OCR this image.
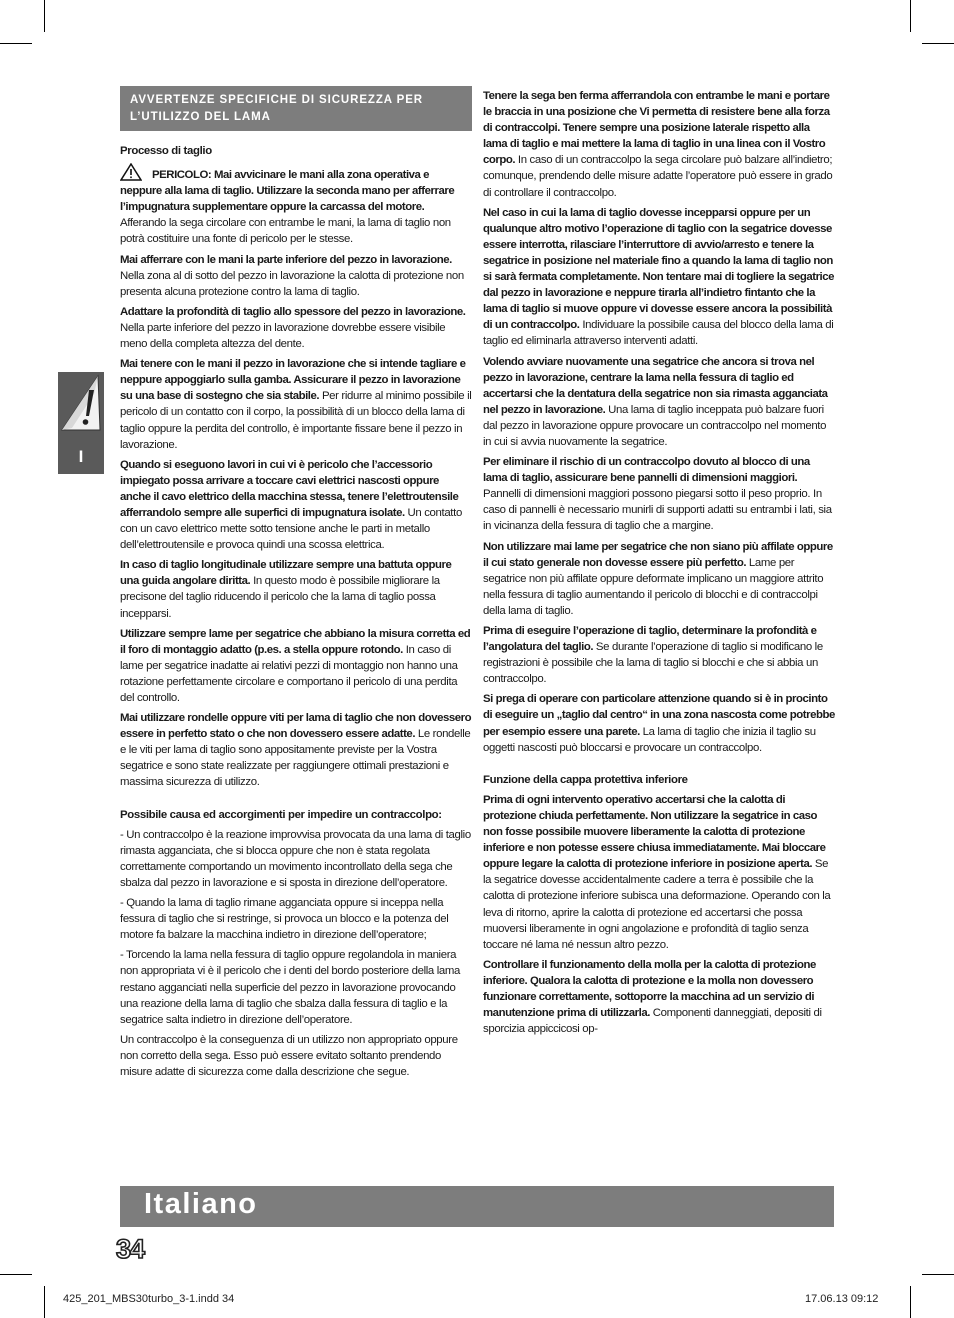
I
AVVERTENZE SPECIFICHE DI SICUREZZA PER L’UTILIZZO DEL LAMA

Processo di taglio

PERICOLO: Mai avvicinare le mani alla zona operativa e neppure alla lama di taglio. Utilizzare la seconda mano per afferrare l’impugnatura supplementare oppure la carcassa del motore. Afferando la sega circolare con entrambe le mani, la lama di taglio non potrà costituire una fonte di pericolo per le stesse.

Mai afferrare con le mani la parte inferiore del pezzo in lavorazione. Nella zona al di sotto del pezzo in lavorazione la calotta di protezione non presenta alcuna protezione contro la lama di taglio.

Adattare la profondità di taglio allo spessore del pezzo in lavorazione. Nella parte inferiore del pezzo in lavorazione dovrebbe essere visibile meno della completa altezza del dente.

Mai tenere con le mani il pezzo in lavorazione che si intende tagliare e neppure appoggiarlo sulla gamba. Assicurare il pezzo in lavorazione su una base di sostegno che sia stabile. Per ridurre al minimo possibile il pericolo di un contatto con il corpo, la possibilità di un blocco della lama di taglio oppure la perdita del controllo, è importante fissare bene il pezzo in lavorazione.

Quando si eseguono lavori in cui vi è pericolo che l’accessorio impiegato possa arrivare a toccare cavi elettrici nascosti oppure anche il cavo elettrico della macchina stessa, tenere l’elettroutensile afferrandolo sempre alle superfici di impugnatura isolate. Un contatto con un cavo elettrico mette sotto tensione anche le parti in metallo dell’elettroutensile e provoca quindi una scossa elettrica.

In caso di taglio longitudinale utilizzare sempre una battuta oppure una guida angolare diritta. In questo modo è possibile migliorare la precisone del taglio riducendo il pericolo che la lama di taglio possa incepparsi.

Utilizzare sempre lame per segatrice che abbiano la misura corretta ed il foro di montaggio adatto (p.es. a stella oppure rotondo. In caso di lame per segatrice inadatte ai relativi pezzi di montaggio non hanno una rotazione perfettamente circolare e comportano il pericolo di una perdita del controllo.

Mai utilizzare rondelle oppure viti per lama di taglio che non dovessero essere in perfetto stato o che non dovessero essere adatte. Le rondelle e le viti per lama di taglio sono appositamente previste per la Vostra segatrice e sono state realizzate per raggiungere ottimali prestazioni e massima sicurezza di utilizzo.

Possibile causa ed accorgimenti per impedire un contraccolpo:

- Un contraccolpo è la reazione improvvisa provocata da una lama di taglio rimasta agganciata, che si blocca oppure che non è stata regolata correttamente comportando un movimento incontrollato della sega che sbalza dal pezzo in lavorazione e si sposta in direzione dell’operatore.

- Quando la lama di taglio rimane agganciata oppure si inceppa nella fessura di taglio che si restringe, si provoca un blocco e la potenza del motore fa balzare la macchina indietro in direzione dell’operatore;

- Torcendo la lama nella fessura di taglio oppure regolandola in maniera non appropriata vi è il pericolo che i denti del bordo posteriore della lama restano agganciati nella superficie del pezzo in lavorazione provocando una reazione della lama di taglio che sbalza dalla fessura di taglio e la segatrice salta indietro in direzione dell’operatore.

Un contraccolpo è la conseguenza di un utilizzo non appropriato oppure non corretto della sega. Esso può essere evitato soltanto prendendo misure adatte di sicurezza come dalla descrizione che segue.

Tenere la sega ben ferma afferrandola con entrambe le mani e portare le braccia in una posizione che Vi permetta di resistere bene alla forza di contraccolpi. Tenere sempre una posizione laterale rispetto alla lama di taglio e mai mettere la lama di taglio in una linea con il Vostro corpo. In caso di un contraccolpo la sega circolare può balzare all’indietro; comunque, prendendo delle misure adatte l’operatore può essere in grado di controllare il contraccolpo.

Nel caso in cui la lama di taglio dovesse incepparsi oppure per un qualunque altro motivo l’operazione di taglio con la segatrice dovesse essere interrotta, rilasciare l’interruttore di avvio/arresto e tenere la segatrice in posizione nel materiale fino a quando la lama di taglio non si sarà fermata completamente. Non tentare mai di togliere la segatrice dal pezzo in lavorazione e neppure tirarla all’indietro fintanto che la lama di taglio si muove oppure vi dovesse essere ancora la possibilità di un contraccolpo. Individuare la possibile causa del blocco della lama di taglio ed eliminarla attraverso interventi adatti.

Volendo avviare nuovamente una segatrice che ancora si trova nel pezzo in lavorazione, centrare la lama nella fessura di taglio ed accertarsi che la dentatura della segatrice non sia rimasta agganciata nel pezzo in lavorazione. Una lama di taglio inceppata può balzare fuori dal pezzo in lavorazione oppure provocare un contraccolpo nel momento in cui si avvia nuovamente la segatrice.

Per eliminare il rischio di un contraccolpo dovuto al blocco di una lama di taglio, assicurare bene pannelli di dimensioni maggiori. Pannelli di dimensioni maggiori possono piegarsi sotto il peso proprio. In caso di pannelli è necessario munirli di supporti adatti su entrambi i lati, sia in vicinanza della fessura di taglio che a margine.

Non utilizzare mai lame per segatrice che non siano più affilate oppure il cui stato generale non dovesse essere più perfetto. Lame per segatrice non più affilate oppure deformate implicano un maggiore attrito nella fessura di taglio aumentando il pericolo di blocchi e di contraccolpi della lama di taglio.

Prima di eseguire l’operazione di taglio, determinare la profondità e l’angolatura del taglio. Se durante l’operazione di taglio si modificano le registrazioni è possibile che la lama di taglio si blocchi e che si abbia un contraccolpo.

Si prega di operare con particolare attenzione quando si è in procinto di eseguire un „taglio dal centro“ in una zona nascosta come potrebbe per esempio essere una parete. La lama di taglio che inizia il taglio su oggetti nascosti può bloccarsi e provocare un contraccolpo.

Funzione della cappa protettiva inferiore

Prima di ogni intervento operativo accertarsi che la calotta di protezione chiuda perfettamente. Non utilizzare la segatrice in caso non fosse possibile muovere liberamente la calotta di protezione inferiore e non potesse essere chiusa immediatamente. Mai bloccare oppure legare la calotta di protezione inferiore in posizione aperta. Se la segatrice dovesse accidentalmente cadere a terra è possibile che la calotta di protezione inferiore subisca una deformazione. Operando con la leva di ritorno, aprire la calotta di protezione ed accertarsi che possa muoversi liberamente in ogni angolazione e profondità di taglio senza toccare né lama né nessun altro pezzo.

Controllare il funzionamento della molla per la calotta di protezione inferiore. Qualora la calotta di protezione e la molla non dovessero funzionare correttamente, sottoporre la macchina ad un servizio di manutenzione prima di utilizzarla. Componenti danneggiati, depositi di sporcizia appiccicosi op-

Italiano
34
425_201_MBS30turbo_3-1.indd 34	17.06.13 09:12
